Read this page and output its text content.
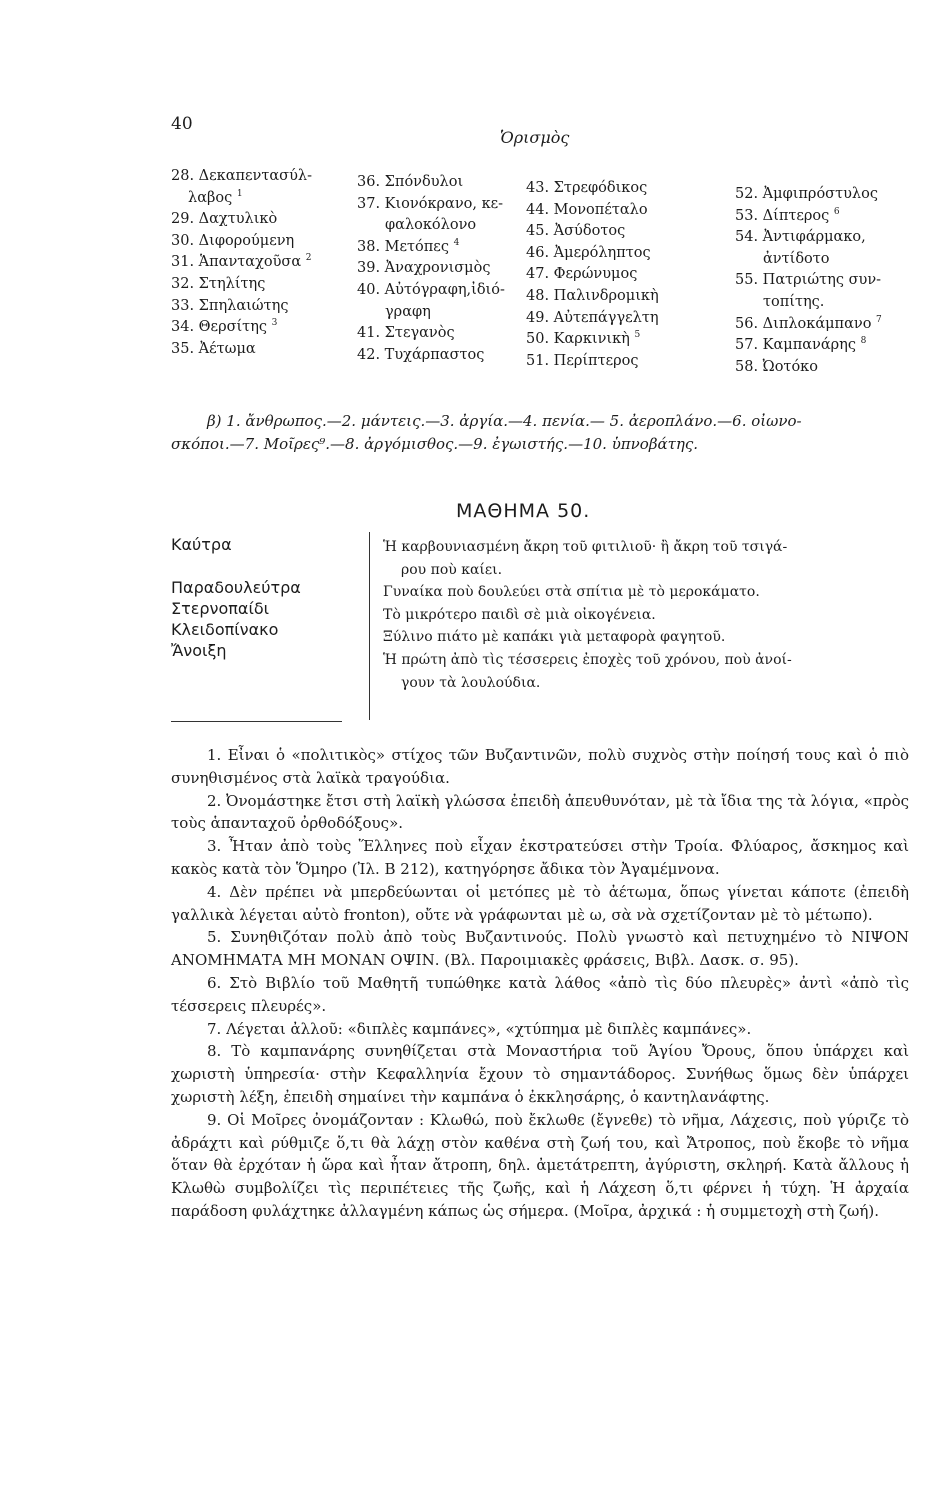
40
Ὁρισμὸς
28. Δεκαπεντασύλ-
λαβος $^1$
29. Δαχτυλικὸ
30. Διφορούμενη
31. Ἁπανταχοῦσα $^2$
32. Στηλίτης
33. Σπηλαιώτης
34. Θερσίτης $^3$
35. Ἀέτωμα
36. Σπόνδυλοι
37. Κιονόκρανο, κε-
φαλοκόλονο
38. Μετόπες $^4$
39. Ἀναχρονισμὸς
40. Αὐτόγραφη,ἰδιό-
γραφη
41. Στεγανὸς
42. Τυχάρπαστος
43. Στρεφόδικος
44. Μονοπέταλο
45. Ἀσύδοτος
46. Ἀμερόληπτος
47. Φερώνυμος
48. Παλινδρομικὴ
49. Αὐτεπάγγελτη
50. Καρκινικὴ $^5$
51. Περίπτερος
52. Ἀμφιπρόστυλος
53. Δίπτερος $^6$
54. Ἀντιφάρμακο,
ἀντίδοτο
55. Πατριώτης συν-
τοπίτης.
56. Διπλοκάμπανο $^7$
57. Καμπανάρης $^8$
58. Ὠοτόκο

β) 1. ἄνθρωπος.—2. μάντεις.—3. ἀργία.—4. πενία.— 5. ἀεροπλάνο.—6. οἰωνο-

σκόποι.—7. Μοῖρες⁹.—8. ἀργόμισθος.—9. ἐγωιστής.—10. ὑπνοβάτης.

ΜΑΘΗΜΑ 50.
Καύτρα
Παραδουλεύτρα
Στερνοπαίδι
Κλειδοπίνακο
Ἄνοιξη
Ἡ καρβουνιασμένη ἄκρη τοῦ φιτιλιοῦ· ἢ ἄκρη τοῦ τσιγά-
ρου ποὺ καίει.
Γυναίκα ποὺ δουλεύει στὰ σπίτια μὲ τὸ μεροκάματο.
Τὸ μικρότερο παιδὶ σὲ μιὰ οἰκογένεια.
Ξύλινο πιάτο μὲ καπάκι γιὰ μεταφορὰ φαγητοῦ.
Ἡ πρώτη ἀπὸ τὶς τέσσερεις ἐποχὲς τοῦ χρόνου, ποὺ ἀνοί-
γουν τὰ λουλούδια.

1. Εἶναι ὁ «πολιτικὸς» στίχος τῶν Βυζαντινῶν, πολὺ συχνὸς στὴν ποίησή τους καὶ ὁ πιὸ συνηθισμένος στὰ λαϊκὰ τραγούδια.

2. Ὀνομάστηκε ἔτσι στὴ λαϊκὴ γλώσσα ἐπειδὴ ἀπευθυνόταν, μὲ τὰ ἴδια της τὰ λόγια, «πρὸς τοὺς ἁπανταχοῦ ὀρθοδόξους».

3. Ἦταν ἀπὸ τοὺς Ἕλληνες ποὺ εἶχαν ἐκστρατεύσει στὴν Τροία. Φλύαρος, ἄσκημος καὶ κακὸς κατὰ τὸν Ὅμηρο (Ἰλ. Β 212), κατηγόρησε ἄδικα τὸν Ἀγαμέμνονα.

4. Δὲν πρέπει νὰ μπερδεύωνται οἱ μετόπες μὲ τὸ ἀέτωμα, ὅπως γίνεται κάποτε (ἐπειδὴ γαλλικὰ λέγεται αὐτὸ fronton), οὔτε νὰ γράφωνται μὲ ω, σὰ νὰ σχετίζονταν μὲ τὸ μέτωπο).

5. Συνηθιζόταν πολὺ ἀπὸ τοὺς Βυζαντινούς. Πολὺ γνωστὸ καὶ πετυχημένο τὸ ΝΙΨΟΝ ΑΝΟΜΗΜΑΤΑ ΜΗ ΜΟΝΑΝ ΟΨΙΝ. (Βλ. Παροιμιακὲς φράσεις, Βιβλ. Δασκ. σ. 95).

6. Στὸ Βιβλίο τοῦ Μαθητῆ τυπώθηκε κατὰ λάθος «ἀπὸ τὶς δύο πλευρὲς» ἀντὶ «ἀπὸ τὶς τέσσερεις πλευρές».

7. Λέγεται ἀλλοῦ: «διπλὲς καμπάνες», «χτύπημα μὲ διπλὲς καμπάνες».

8. Τὸ καμπανάρης συνηθίζεται στὰ Μοναστήρια τοῦ Ἁγίου Ὄρους, ὅπου ὑπάρχει καὶ χωριστὴ ὑπηρεσία· στὴν Κεφαλληνία ἔχουν τὸ σημαντάδορος. Συνήθως ὅμως δὲν ὑπάρχει χωριστὴ λέξη, ἐπειδὴ σημαίνει τὴν καμπάνα ὁ ἐκκλησάρης, ὁ καντηλανάφτης.

9. Οἱ Μοῖρες ὀνομάζονταν : Κλωθώ, ποὺ ἔκλωθε (ἔγνεθε) τὸ νῆμα, Λάχεσις, ποὺ γύριζε τὸ ἀδράχτι καὶ ρύθμιζε ὅ,τι θὰ λάχῃ στὸν καθένα στὴ ζωή του, καὶ Ἄτροπος, ποὺ ἔκοβε τὸ νῆμα ὅταν θὰ ἐρχόταν ἡ ὥρα καὶ ἦταν ἄτροπη, δηλ. ἀμετάτρεπτη, ἀγύριστη, σκληρή. Κατὰ ἄλλους ἡ Κλωθὼ συμβολίζει τὶς περιπέτειες τῆς ζωῆς, καὶ ἡ Λάχεση ὅ,τι φέρνει ἡ τύχη. Ἡ ἀρχαία παράδοση φυλάχτηκε ἀλλαγμένη κάπως ὡς σήμερα. (Μοῖρα, ἀρχικά : ἡ συμμετοχὴ στὴ ζωή).
